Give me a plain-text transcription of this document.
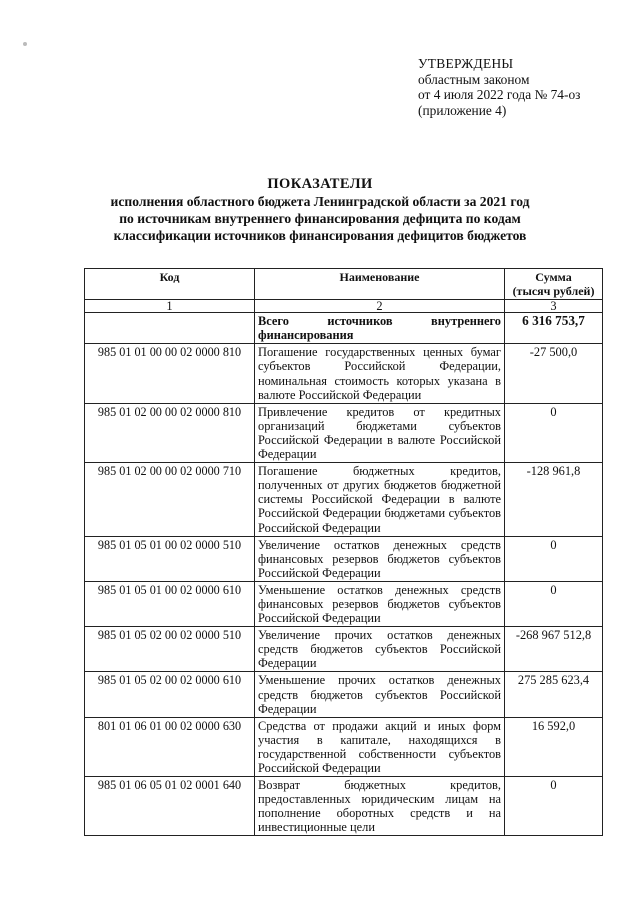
УТВЕРЖДЕНЫ
областным законом
от 4 июля 2022 года № 74-оз
(приложение 4)
ПОКАЗАТЕЛИ
исполнения областного бюджета Ленинградской области за 2021 год
по источникам внутреннего финансирования дефицита по кодам
классификации источников финансирования дефицитов бюджетов
Код	Наименование	Сумма
(тысяч рублей)

1	2	3
	Всего источников внутреннего финансирования	6 316 753,7
985 01 01 00 00 02 0000 810	Погашение государственных ценных бумаг субъектов Российской Федерации, номинальная стоимость которых указана в валюте Российской Федерации	-27 500,0
985 01 02 00 00 02 0000 810	Привлечение кредитов от кредитных организаций бюджетами субъектов Российской Федерации в валюте Российской Федерации	0
985 01 02 00 00 02 0000 710	Погашение бюджетных кредитов, полученных от других бюджетов бюджетной системы Российской Федерации в валюте Российской Федерации бюджетами субъектов Российской Федерации	-128 961,8
985 01 05 01 00 02 0000 510	Увеличение остатков денежных средств финансовых резервов бюджетов субъектов Российской Федерации	0
985 01 05 01 00 02 0000 610	Уменьшение остатков денежных средств финансовых резервов бюджетов субъектов Российской Федерации	0
985 01 05 02 00 02 0000 510	Увеличение прочих остатков денежных средств бюджетов субъектов Российской Федерации	-268 967 512,8
985 01 05 02 00 02 0000 610	Уменьшение прочих остатков денежных средств бюджетов субъектов Российской Федерации	275 285 623,4
801 01 06 01 00 02 0000 630	Средства от продажи акций и иных форм участия в капитале, находящихся в государственной собственности субъектов Российской Федерации	16 592,0
985 01 06 05 01 02 0001 640	Возврат бюджетных кредитов, предоставленных юридическим лицам на пополнение оборотных средств и на инвестиционные цели	0
